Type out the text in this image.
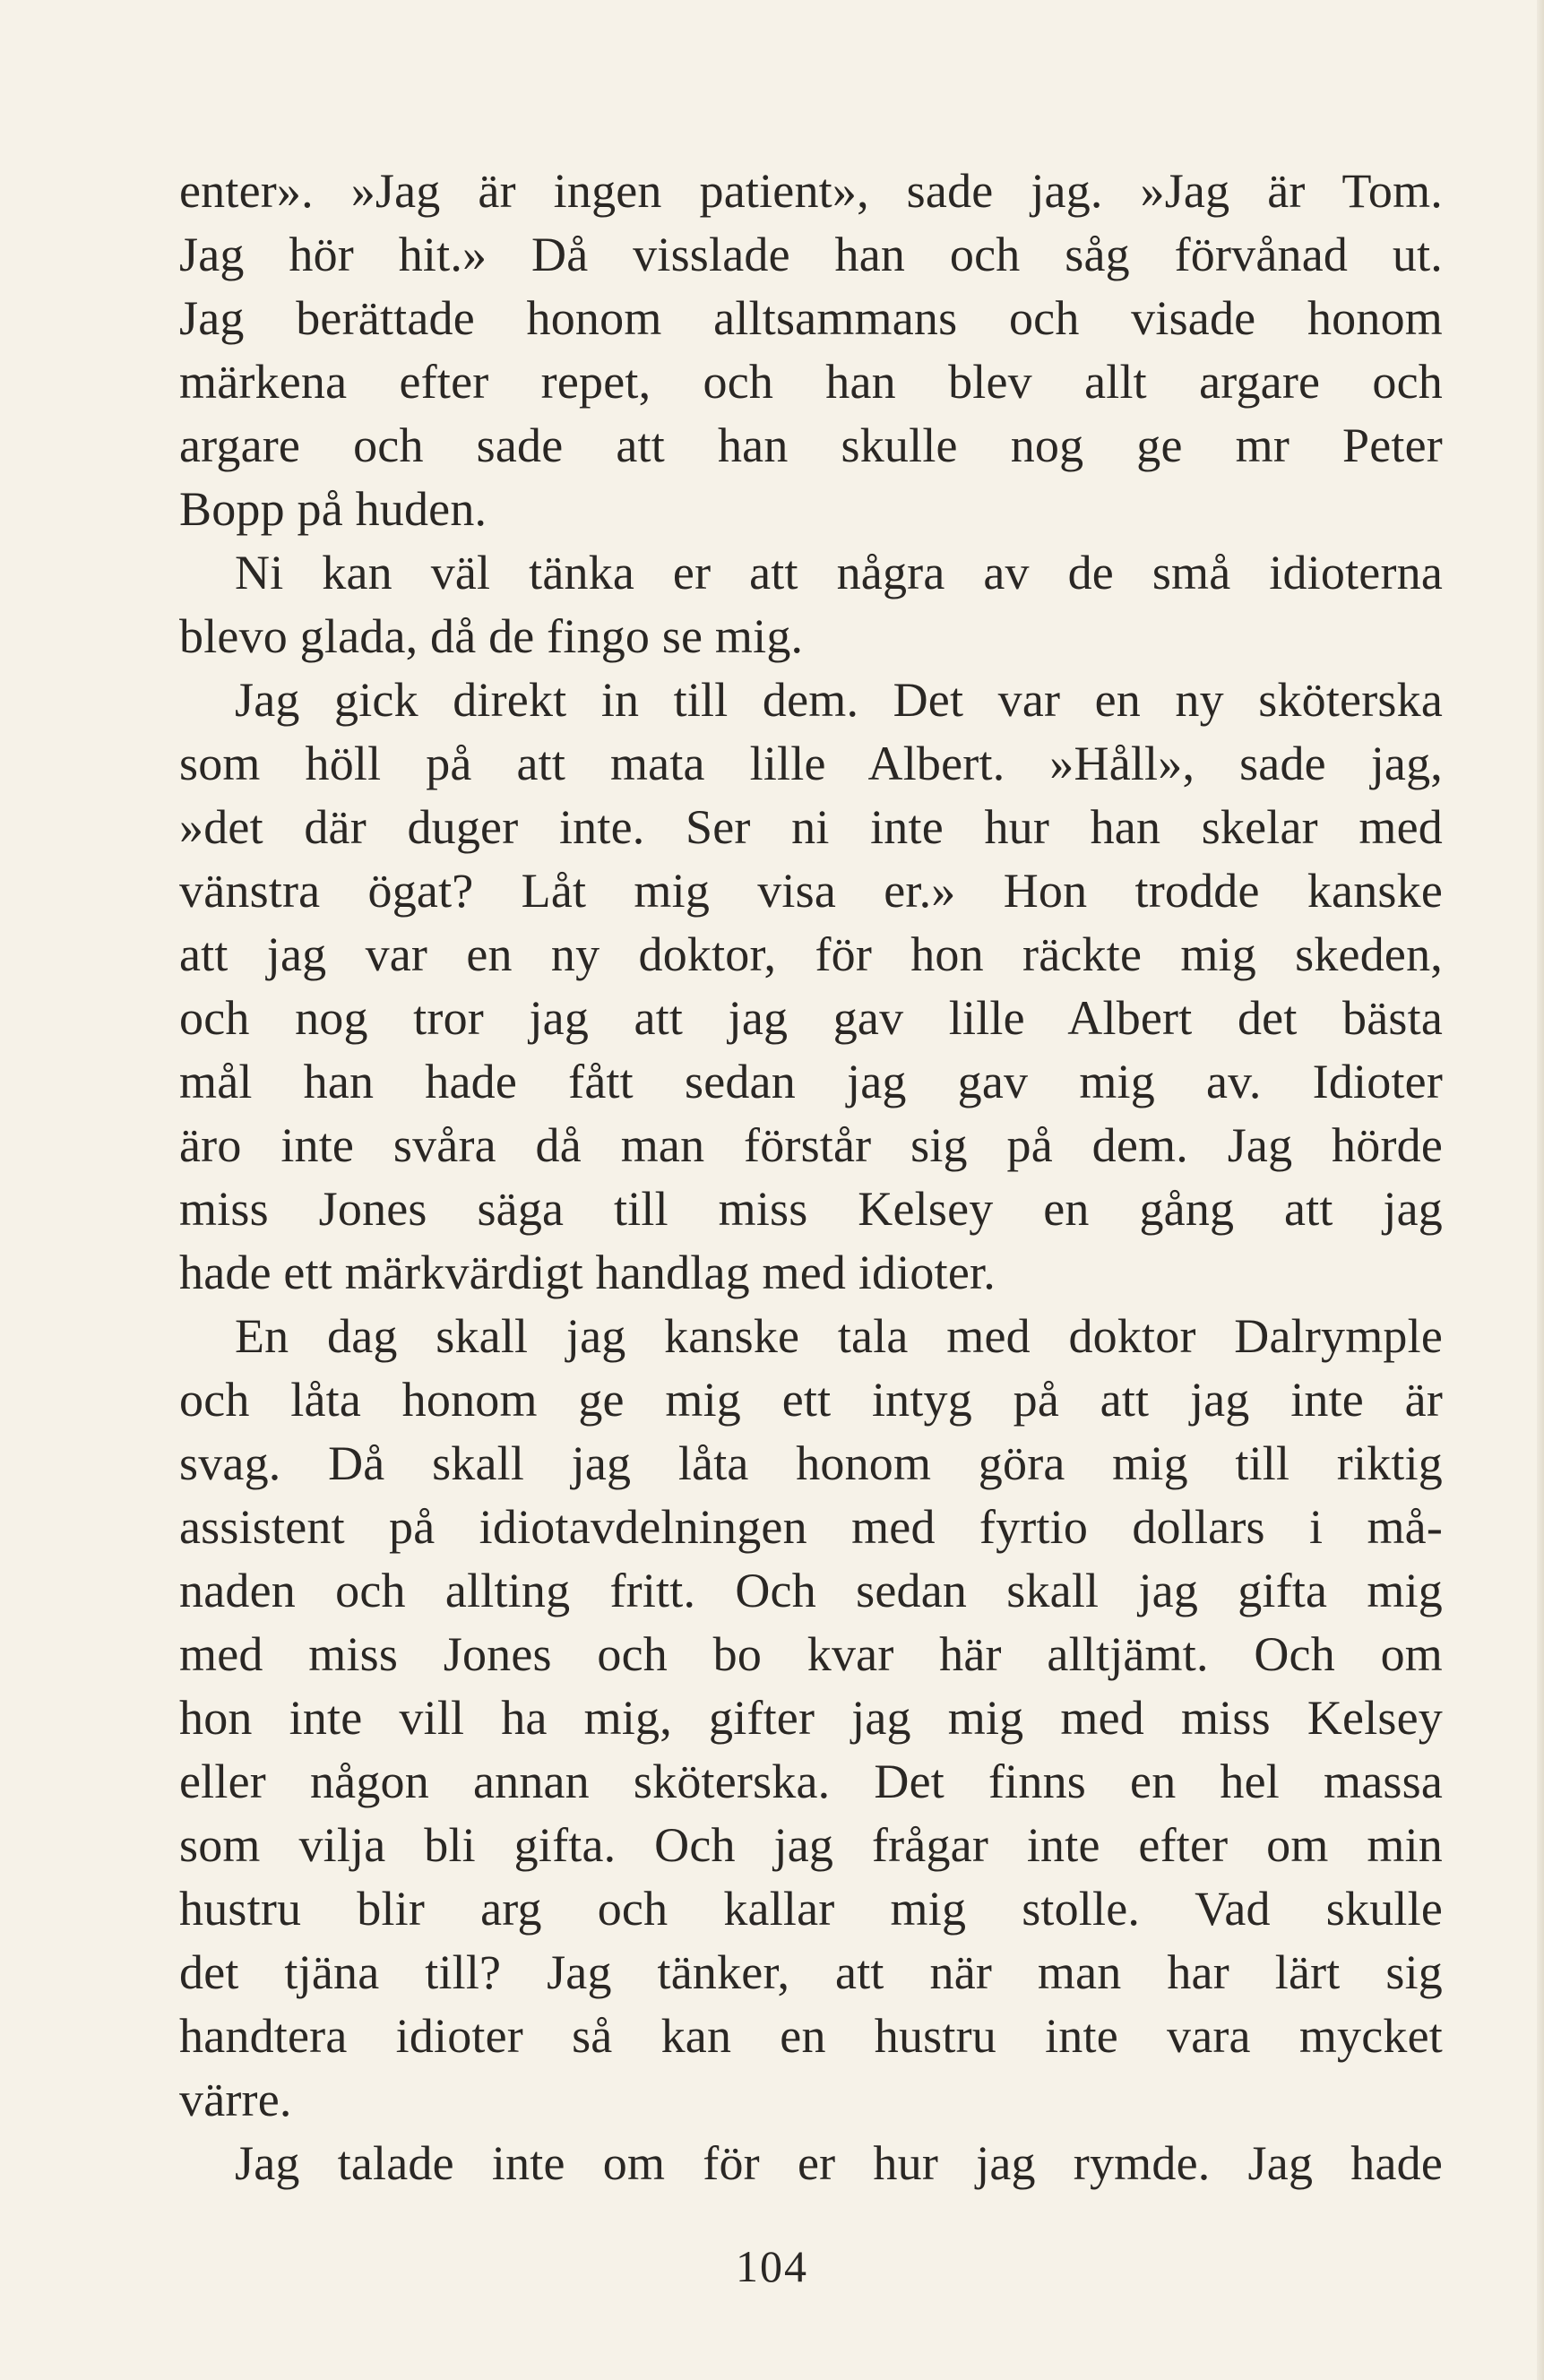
enter». »Jag är ingen patient», sade jag. »Jag är Tom.
Jag hör hit.» Då visslade han och såg förvånad ut.
Jag berättade honom alltsammans och visade honom
märkena efter repet, och han blev allt argare och
argare och sade att han skulle nog ge mr Peter
Bopp på huden.
Ni kan väl tänka er att några av de små idioterna
blevo glada, då de fingo se mig.
Jag gick direkt in till dem. Det var en ny sköterska
som höll på att mata lille Albert. »Håll», sade jag,
»det där duger inte. Ser ni inte hur han skelar med
vänstra ögat? Låt mig visa er.» Hon trodde kanske
att jag var en ny doktor, för hon räckte mig skeden,
och nog tror jag att jag gav lille Albert det bästa
mål han hade fått sedan jag gav mig av. Idioter
äro inte svåra då man förstår sig på dem. Jag hörde
miss Jones säga till miss Kelsey en gång att jag
hade ett märkvärdigt handlag med idioter.
En dag skall jag kanske tala med doktor Dalrymple
och låta honom ge mig ett intyg på att jag inte är
svag. Då skall jag låta honom göra mig till riktig
assistent på idiotavdelningen med fyrtio dollars i må-
naden och allting fritt. Och sedan skall jag gifta mig
med miss Jones och bo kvar här alltjämt. Och om
hon inte vill ha mig, gifter jag mig med miss Kelsey
eller någon annan sköterska. Det finns en hel massa
som vilja bli gifta. Och jag frågar inte efter om min
hustru blir arg och kallar mig stolle. Vad skulle
det tjäna till? Jag tänker, att när man har lärt sig
handtera idioter så kan en hustru inte vara mycket
värre.
Jag talade inte om för er hur jag rymde. Jag hade
104
